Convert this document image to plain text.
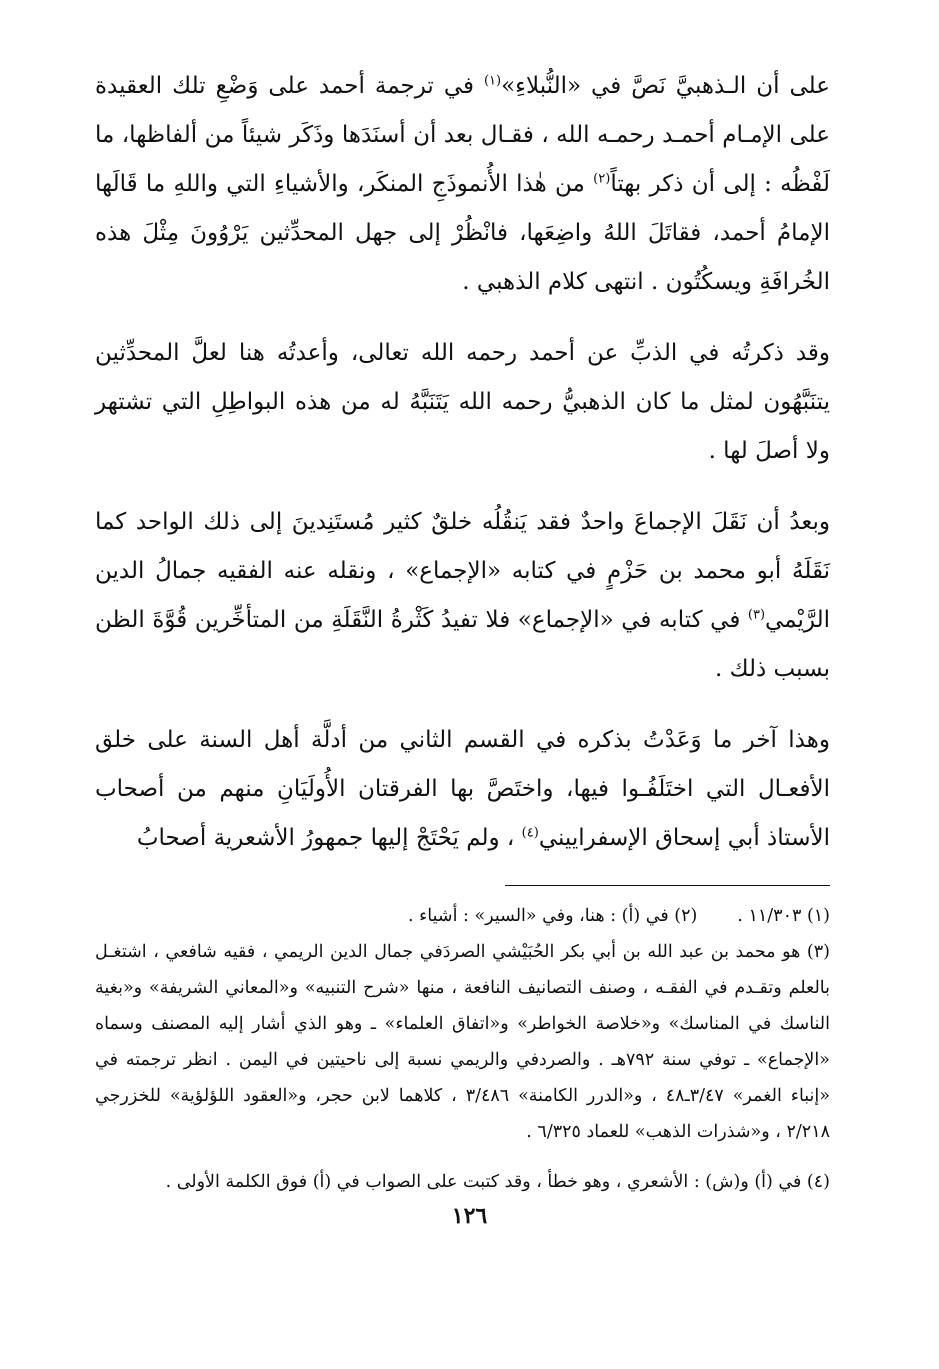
على أن الـذهبيَّ نَصَّ في «النُّبلاءِ»$^{(١)}$ في ترجمة أحمد على وَضْعِ تلك العقيدة على الإمـام أحمـد رحمـه الله ، فقـال بعد أن أسنَدَها وذَكَر شيئاً من ألفاظها، ما لَفْظُه : إلى أن ذكر بهتاً$^{(٢)}$ من هٰذا الأُنموذَجِ المنكَر، والأشياءِ التي واللهِ ما قَالَها الإمامُ أحمد، فقاتَلَ اللهُ واضِعَها، فانْظُرْ إلى جهل المحدِّثين يَرْوُونَ مِثْلَ هذه الخُرافَةِ ويسكُتُون . انتهى كلام الذهبي .

وقد ذكرتُه في الذبِّ عن أحمد رحمه الله تعالى، وأعدتُه هنا لعلَّ المحدِّثين يتنَبَّهُون لمثل ما كان الذهبيُّ رحمه الله يَتَنَبَّهُ له من هذه البواطِلِ التي تشتهر ولا أصلَ لها .

وبعدُ أن نَقَلَ الإجماعَ واحدٌ فقد يَنقُلُه خلقٌ كثير مُستَنِدينَ إلى ذلك الواحد كما نَقَلَهُ أبو محمد بن حَزْمٍ في كتابه «الإجماع» ، ونقله عنه الفقيه جمالُ الدين الرَّيْمي$^{(٣)}$ في كتابه في «الإجماع» فلا تفيدُ كَثْرةُ النَّقَلَةِ من المتأخِّرين قُوَّةَ الظن بسبب ذلك .

وهذا آخر ما وَعَدْتُ بذكره في القسم الثاني من أدلَّة أهل السنة على خلق الأفعـال التي اختَلَفُـوا فيها، واختَصَّ بها الفرقتان الأُولَيَانِ منهم من أصحاب الأستاذ أبي إسحاق الإسفراييني$^{(٤)}$ ، ولم يَحْتَجْ إليها جمهورُ الأشعرية أصحابُ

(١) ١١/٣٠٣ .
(٢) في (أ) : هنا، وفي «السير» : أشياء .

(٣) هو محمد بن عبد الله بن أبي بكر الحُبَيْشي الصردَفي جمال الدين الريمي ، فقيه شافعي ، اشتغـل بالعلم وتقـدم في الفقـه ، وصنف التصانيف النافعة ، منها «شرح التنبيه» و«المعاني الشريفة» و«بغية الناسك في المناسك» و«خلاصة الخواطر» و«اتفاق العلماء» ـ وهو الذي أشار إليه المصنف وسماه «الإجماع» ـ توفي سنة ٧٩٢هـ . والصردفي والريمي نسبة إلى ناحيتين في اليمن . انظر ترجمته في «إنباء الغمر» ٣/٤٧ـ٤٨ ، و«الدرر الكامنة» ٣/٤٨٦ ، كلاهما لابن حجر، و«العقود اللؤلؤية» للخزرجي ٢/٢١٨ ، و«شذرات الذهب» للعماد ٦/٣٢٥ .

(٤) في (أ) و(ش) : الأشعري ، وهو خطأ ، وقد كتبت على الصواب في (أ) فوق الكلمة الأولى .

١٢٦
